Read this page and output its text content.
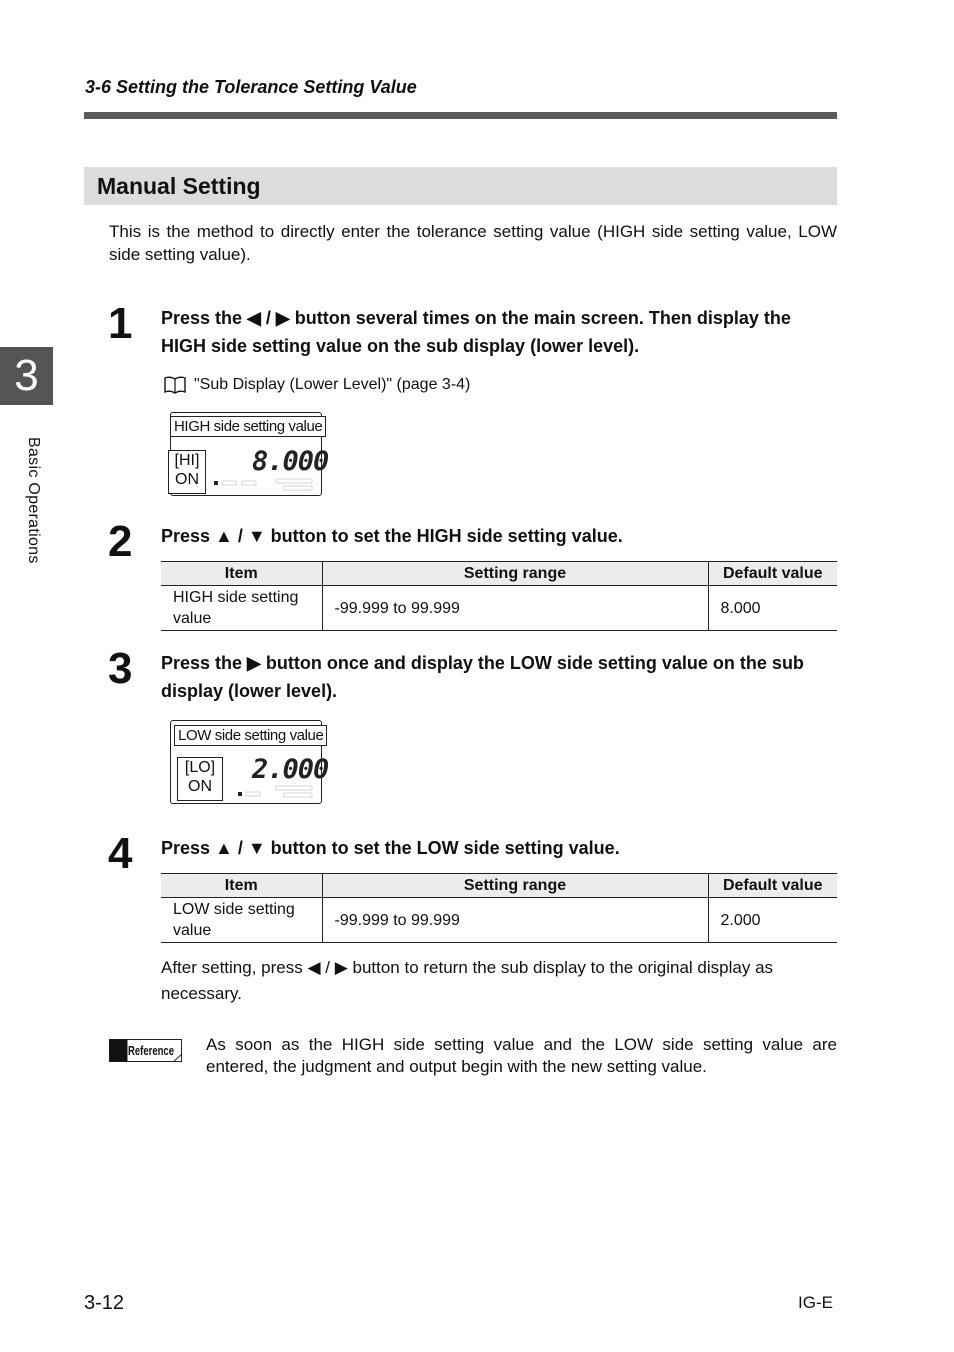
3-6 Setting the Tolerance Setting Value
Manual Setting

This is the method to directly enter the tolerance setting value (HIGH side setting value, LOW side setting value).

3
Basic Operations
1 Press the ◀ / ▶ button several times on the main screen. Then display the HIGH side setting value on the sub display (lower level).
"Sub Display (Lower Level)" (page 3-4)
HIGH side setting value
[HI]
ON
8.000
2 Press ▲ / ▼ button to set the HIGH side setting value.
Item	Setting range	Default value
HIGH side setting value	-99.999 to 99.999	8.000
3 Press the ▶ button once and display the LOW side setting value on the sub display (lower level).
LOW side setting value
[LO]
ON
2.000
4 Press ▲ / ▼ button to set the LOW side setting value.
Item	Setting range	Default value
LOW side setting value	-99.999 to 99.999	2.000

After setting, press ◀ / ▶ button to return the sub display to the original display as necessary.

Reference As soon as the HIGH side setting value and the LOW side setting value are entered, the judgment and output begin with the new setting value.

3-12	IG-E
